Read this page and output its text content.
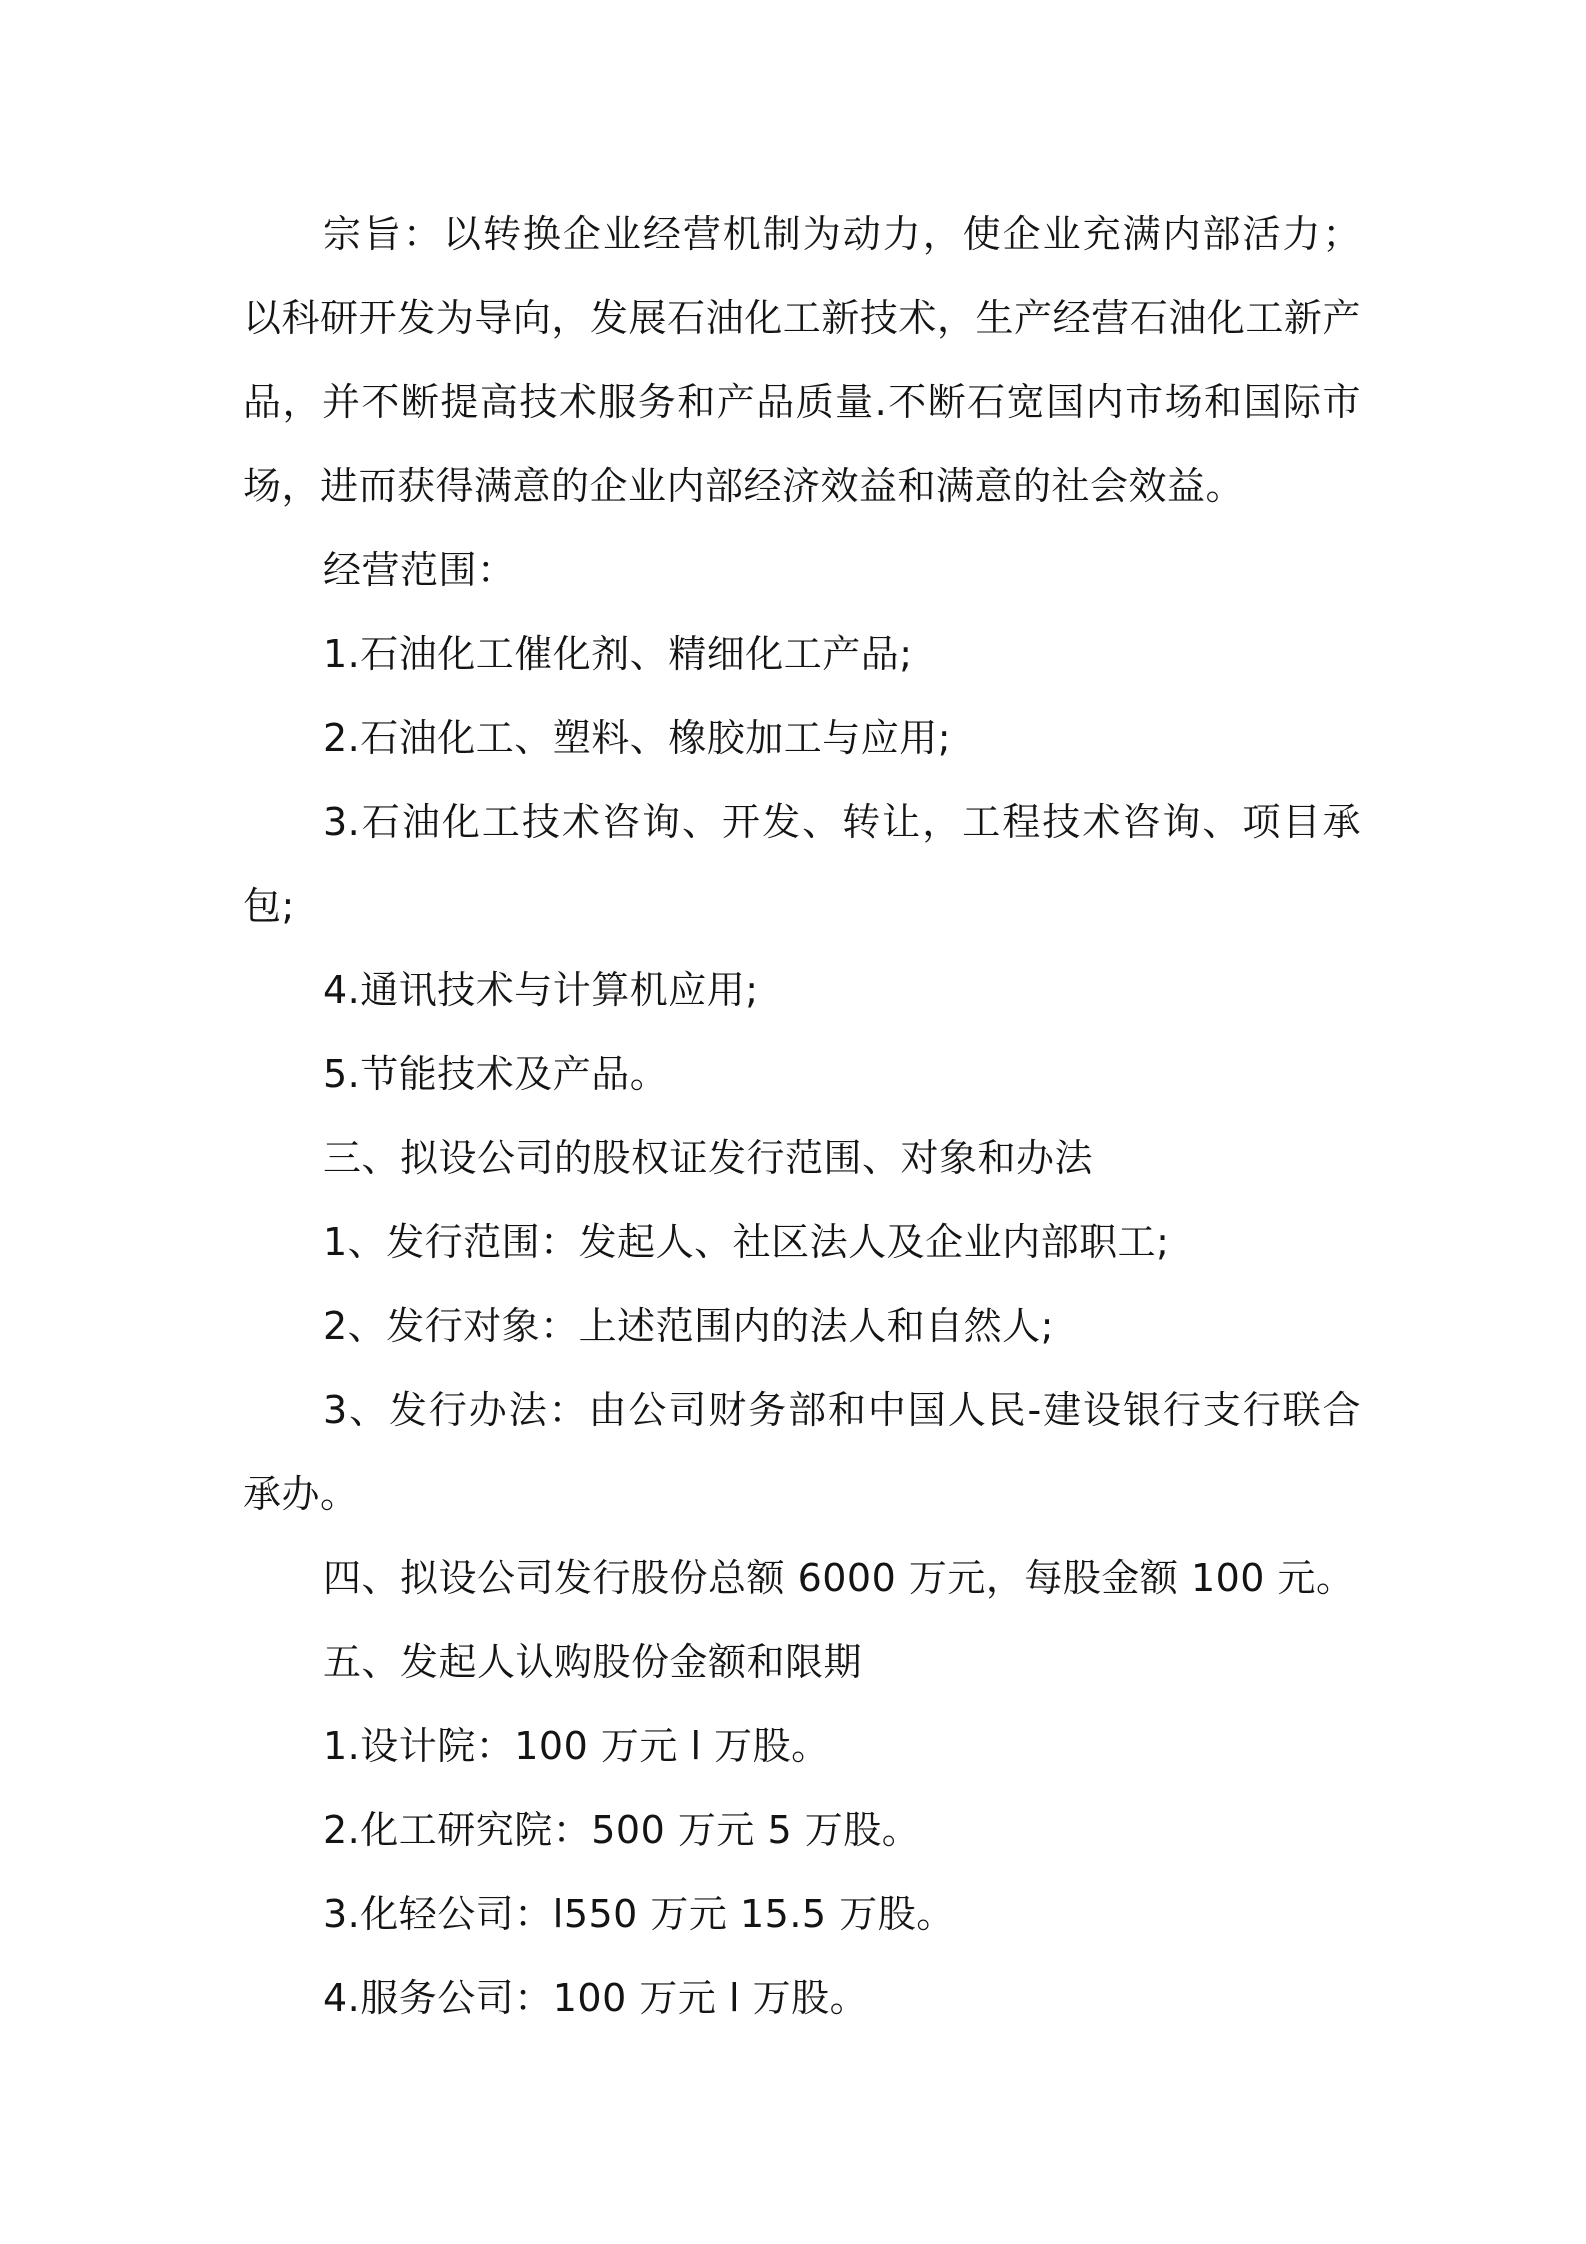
宗旨：以转换企业经营机制为动力，使企业充满内部活力；以科研开发为导向，发展石油化工新技术，生产经营石油化工新产品，并不断提高技术服务和产品质量.不断石宽国内市场和国际市场，进而获得满意的企业内部经济效益和满意的社会效益。

经营范围：

1.石油化工催化剂、精细化工产品;

2.石油化工、塑料、橡胶加工与应用;

3.石油化工技术咨询、开发、转让，工程技术咨询、项目承包;

4.通讯技术与计算机应用;

5.节能技术及产品。

三、拟设公司的股权证发行范围、对象和办法

1、发行范围：发起人、社区法人及企业内部职工;

2、发行对象：上述范围内的法人和自然人;

3、发行办法：由公司财务部和中国人民-建设银行支行联合承办。

四、拟设公司发行股份总额 6000 万元，每股金额 100 元。

五、发起人认购股份金额和限期

1.设计院：100 万元 l 万股。

2.化工研究院：500 万元 5 万股。

3.化轻公司：l550 万元 15.5 万股。

4.服务公司：100 万元 l 万股。
